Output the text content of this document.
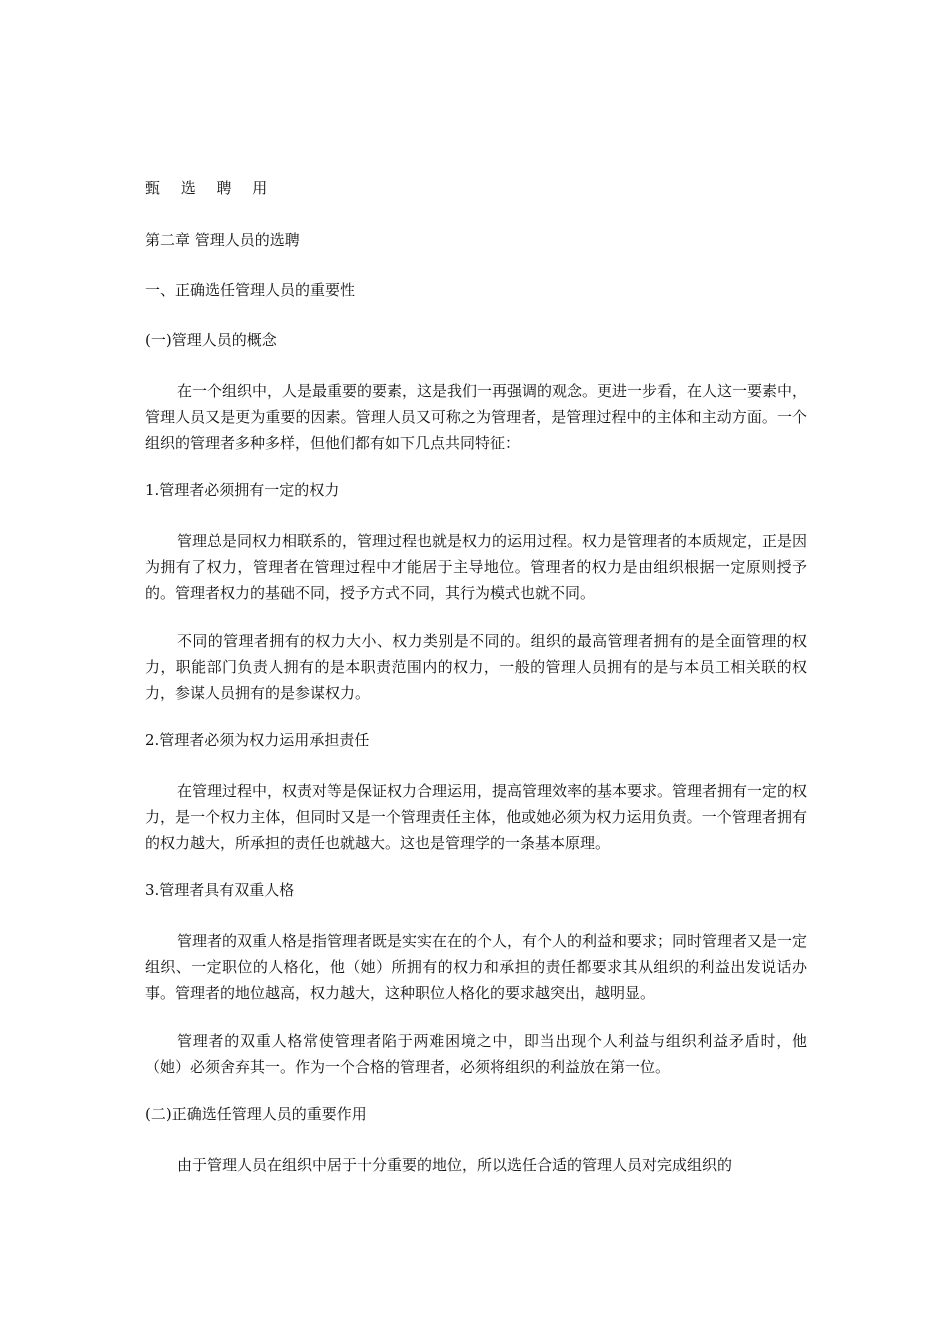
甄 选 聘 用

第二章 管理人员的选聘

一、正确选任管理人员的重要性

(一)管理人员的概念

在一个组织中，人是最重要的要素，这是我们一再强调的观念。更进一步看，在人这一要素中，管理人员又是更为重要的因素。管理人员又可称之为管理者，是管理过程中的主体和主动方面。一个组织的管理者多种多样，但他们都有如下几点共同特征：

1.管理者必须拥有一定的权力

管理总是同权力相联系的，管理过程也就是权力的运用过程。权力是管理者的本质规定，正是因为拥有了权力，管理者在管理过程中才能居于主导地位。管理者的权力是由组织根据一定原则授予的。管理者权力的基础不同，授予方式不同，其行为模式也就不同。

不同的管理者拥有的权力大小、权力类别是不同的。组织的最高管理者拥有的是全面管理的权力，职能部门负责人拥有的是本职责范围内的权力，一般的管理人员拥有的是与本员工相关联的权力，参谋人员拥有的是参谋权力。

2.管理者必须为权力运用承担责任

在管理过程中，权责对等是保证权力合理运用，提高管理效率的基本要求。管理者拥有一定的权力，是一个权力主体，但同时又是一个管理责任主体，他或她必须为权力运用负责。一个管理者拥有的权力越大，所承担的责任也就越大。这也是管理学的一条基本原理。

3.管理者具有双重人格

管理者的双重人格是指管理者既是实实在在的个人，有个人的利益和要求；同时管理者又是一定组织、一定职位的人格化，他（她）所拥有的权力和承担的责任都要求其从组织的利益出发说话办事。管理者的地位越高，权力越大，这种职位人格化的要求越突出，越明显。

管理者的双重人格常使管理者陷于两难困境之中，即当出现个人利益与组织利益矛盾时，他（她）必须舍弃其一。作为一个合格的管理者，必须将组织的利益放在第一位。

(二)正确选任管理人员的重要作用

由于管理人员在组织中居于十分重要的地位，所以选任合适的管理人员对完成组织的
